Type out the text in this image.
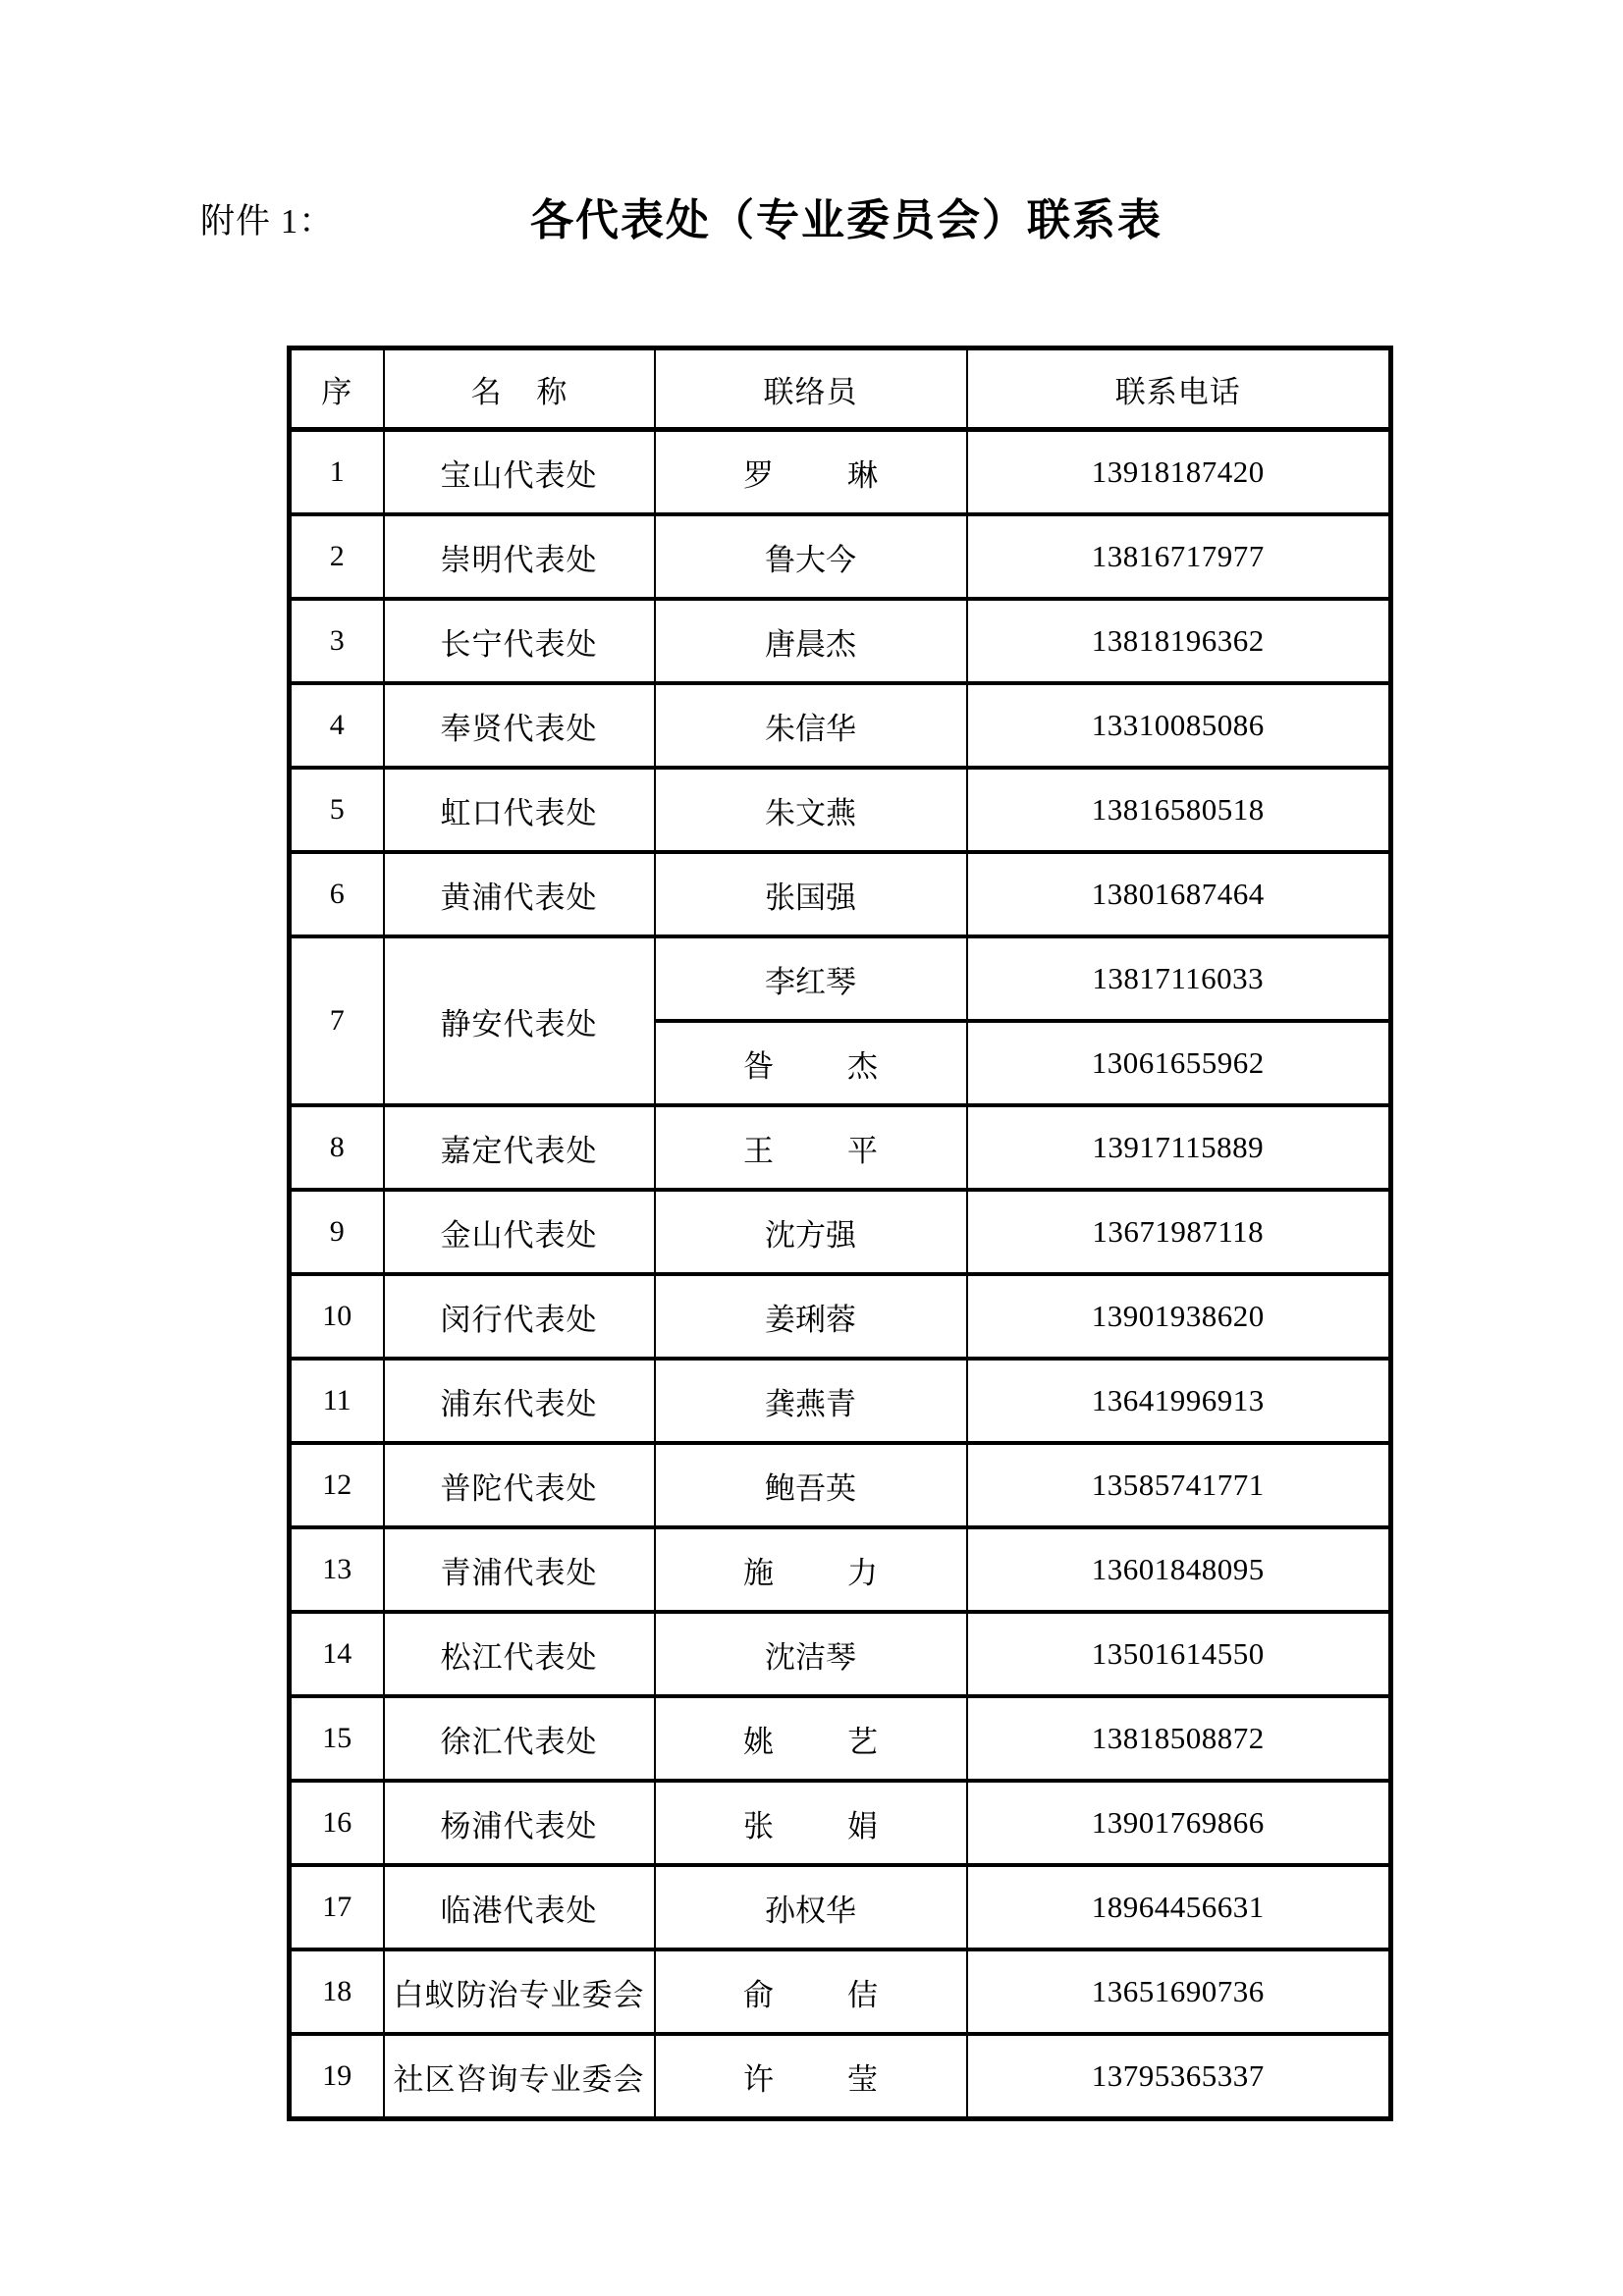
附件 1：	各代表处（专业委员会）联系表
序	名 称	联络员	联系电话
1	宝山代表处	罗　琳	13918187420
2	崇明代表处	鲁大今	13816717977
3	长宁代表处	唐晨杰	13818196362
4	奉贤代表处	朱信华	13310085086
5	虹口代表处	朱文燕	13816580518
6	黄浦代表处	张国强	13801687464
7	静安代表处	李红琴	13817116033
		昝　杰	13061655962
8	嘉定代表处	王　平	13917115889
9	金山代表处	沈方强	13671987118
10	闵行代表处	姜琍蓉	13901938620
11	浦东代表处	龚燕青	13641996913
12	普陀代表处	鲍吾英	13585741771
13	青浦代表处	施　力	13601848095
14	松江代表处	沈洁琴	13501614550
15	徐汇代表处	姚　艺	13818508872
16	杨浦代表处	张　娟	13901769866
17	临港代表处	孙权华	18964456631
18	白蚁防治专业委会	俞　佶	13651690736
19	社区咨询专业委会	许　莹	13795365337
